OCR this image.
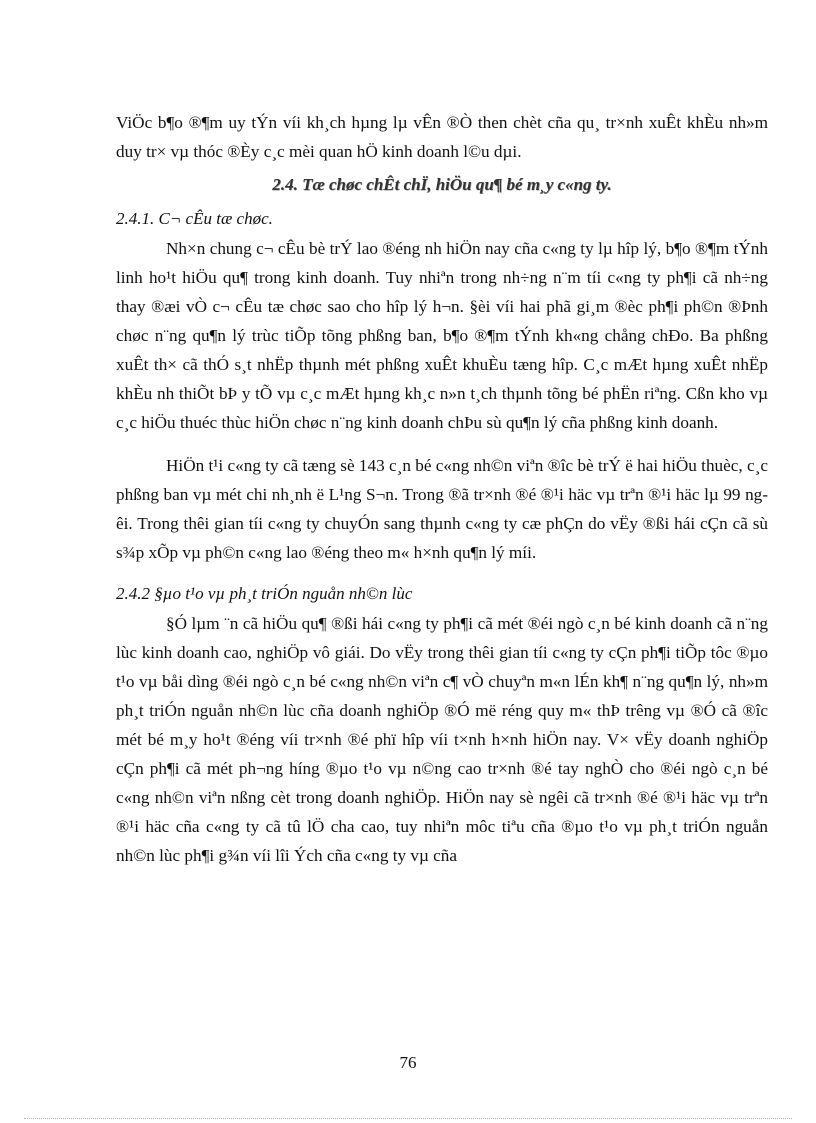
ViÖc b¶o ®¶m uy tÝn víi kh¸ch hµng lµ vÊn ®Ò then chèt cña qu¸ tr×nh xuÊt khÈu nh»m duy tr× vµ thóc ®Èy c¸c mèi quan hÖ kinh doanh l©u dµi.

2.4. Tæ chøc chÊt chÏ, hiÖu qu¶ bé m¸y c«ng ty.
2.4.1. C¬ cÊu tæ chøc.

Nh×n chung c¬ cÊu bè trÝ lao ®éng nh hiÖn nay cña c«ng ty lµ hîp lý, b¶o ®¶m tÝnh linh ho¹t hiÖu qu¶ trong kinh doanh. Tuy nhiªn trong nh÷ng n¨m tíi c«ng ty ph¶i cã nh÷ng thay ®æi vÒ c¬ cÊu tæ chøc sao cho hîp lý h¬n. §èi víi hai phã gi¸m ®èc ph¶i ph©n ®Þnh chøc n¨ng qu¶n lý trùc tiÕp tõng phßng ban, b¶o ®¶m tÝnh kh«ng chång chÐo. Ba phßng xuÊt th× cã thÓ s¸t nhËp thµnh mét phßng xuÊt khuÈu tæng hîp. C¸c mÆt hµng xuÊt nhËp khÈu nh thiÕt bÞ y tÕ vµ c¸c mÆt hµng kh¸c n»n t¸ch thµnh tõng bé phËn riªng. Cßn kho vµ c¸c hiÖu thuéc thùc hiÖn chøc n¨ng kinh doanh chÞu sù qu¶n lý cña phßng kinh doanh.

HiÖn t¹i c«ng ty cã tæng sè 143 c¸n bé c«ng nh©n viªn ®îc bè trÝ ë hai hiÖu thuèc, c¸c phßng ban vµ mét chi nh¸nh ë L¹ng S¬n. Trong ®ã tr×nh ®é ®¹i häc vµ trªn ®¹i häc lµ 99 ngêi. Trong thêi gian tíi c«ng ty chuyÓn sang thµnh c«ng ty cæ phÇn do vËy ®ßi hái cÇn cã sù s¾p xÕp vµ ph©n c«ng lao ®éng theo m« h×nh qu¶n lý míi.

2.4.2 §µo t¹o vµ ph¸t triÓn nguån nh©n lùc

§Ó lµm ¨n cã hiÖu qu¶ ®ßi hái c«ng ty ph¶i cã mét ®éi ngò c¸n bé kinh doanh cã n¨ng lùc kinh doanh cao, nghiÖp vô giái. Do vËy trong thêi gian tíi c«ng ty cÇn ph¶i tiÕp tôc ®µo t¹o vµ båi dìng ®éi ngò c¸n bé c«ng nh©n viªn c¶ vÒ chuyªn m«n lÉn kh¶ n¨ng qu¶n lý, nh»m ph¸t triÓn nguån nh©n lùc cña doanh nghiÖp ®Ó më réng quy m« thÞ trêng vµ ®Ó cã ®îc mét bé m¸y ho¹t ®éng víi tr×nh ®é phï hîp víi t×nh h×nh hiÖn nay. V× vËy doanh nghiÖp cÇn ph¶i cã mét ph¬ng híng ®µo t¹o vµ n©ng cao tr×nh ®é tay nghÒ cho ®éi ngò c¸n bé c«ng nh©n viªn nßng cèt trong doanh nghiÖp. HiÖn nay sè ngêi cã tr×nh ®é ®¹i häc vµ trªn ®¹i häc cña c«ng ty cã tû lÖ cha cao, tuy nhiªn môc tiªu cña ®µo t¹o vµ ph¸t triÓn nguån nh©n lùc ph¶i g¾n víi lîi Ých cña c«ng ty vµ cña

76
